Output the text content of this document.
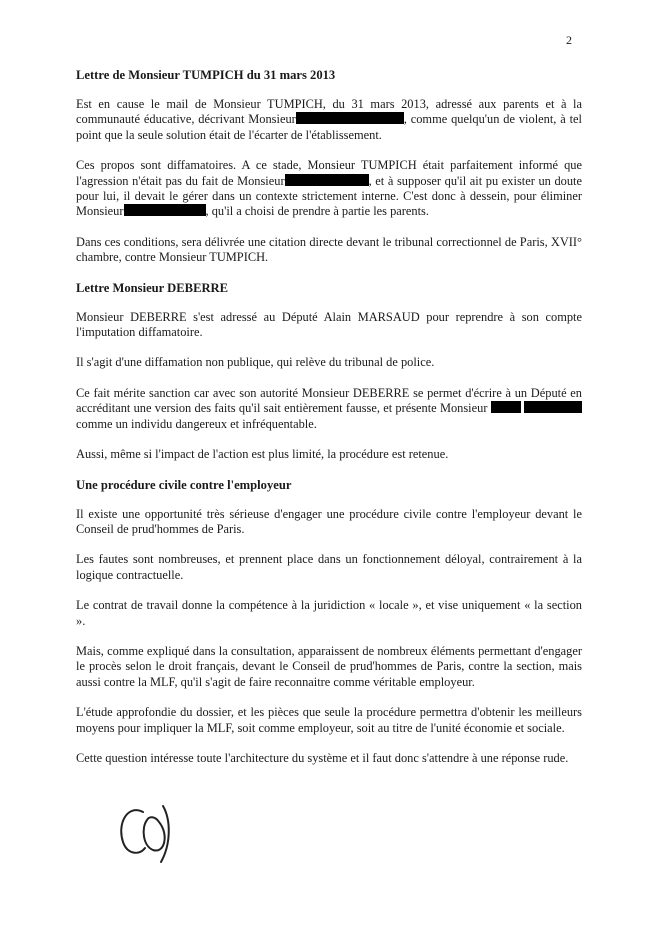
2
Lettre de Monsieur TUMPICH du 31 mars 2013

Est en cause le mail de Monsieur TUMPICH, du 31 mars 2013, adressé aux parents et à la communauté éducative, décrivant Monsieur	, comme quelqu'un de violent, à tel point que la seule solution était de l'écarter de l'établissement.

Ces propos sont diffamatoires. A ce stade, Monsieur TUMPICH était parfaitement informé que l'agression n'était pas du fait de Monsieur	, et à supposer qu'il ait pu exister un doute pour lui, il devait le gérer dans un contexte strictement interne. C'est donc à dessein, pour éliminer Monsieur	, qu'il a choisi de prendre à partie les parents.

Dans ces conditions, sera délivrée une citation directe devant le tribunal correctionnel de Paris, XVII° chambre, contre Monsieur TUMPICH.

Lettre Monsieur DEBERRE

Monsieur DEBERRE s'est adressé au Député Alain MARSAUD pour reprendre à son compte l'imputation diffamatoire.

Il s'agit d'une diffamation non publique, qui relève du tribunal de police.

Ce fait mérite sanction car avec son autorité Monsieur DEBERRE se permet d'écrire à un Député en accréditant une version des faits qu'il sait entièrement fausse, et présente Monsieur   comme un individu dangereux et infréquentable.

Aussi, même si l'impact de l'action est plus limité, la procédure est retenue.

Une procédure civile contre l'employeur

Il existe une opportunité très sérieuse d'engager une procédure civile contre l'employeur devant le Conseil de prud'hommes de Paris.

Les fautes sont nombreuses, et prennent place dans un fonctionnement déloyal, contrairement à la logique contractuelle.

Le contrat de travail donne la compétence à la juridiction « locale », et vise uniquement « la section ».

Mais, comme expliqué dans la consultation, apparaissent de nombreux éléments permettant d'engager le procès selon le droit français, devant le Conseil de prud'hommes de Paris, contre la section, mais aussi contre la MLF, qu'il s'agit de faire reconnaitre comme véritable employeur.

L'étude approfondie du dossier, et les pièces que seule la procédure permettra d'obtenir les meilleurs moyens pour impliquer la MLF, soit comme employeur, soit au titre de l'unité économie et sociale.

Cette question intéresse toute l'architecture du système et il faut donc s'attendre à une réponse rude.
